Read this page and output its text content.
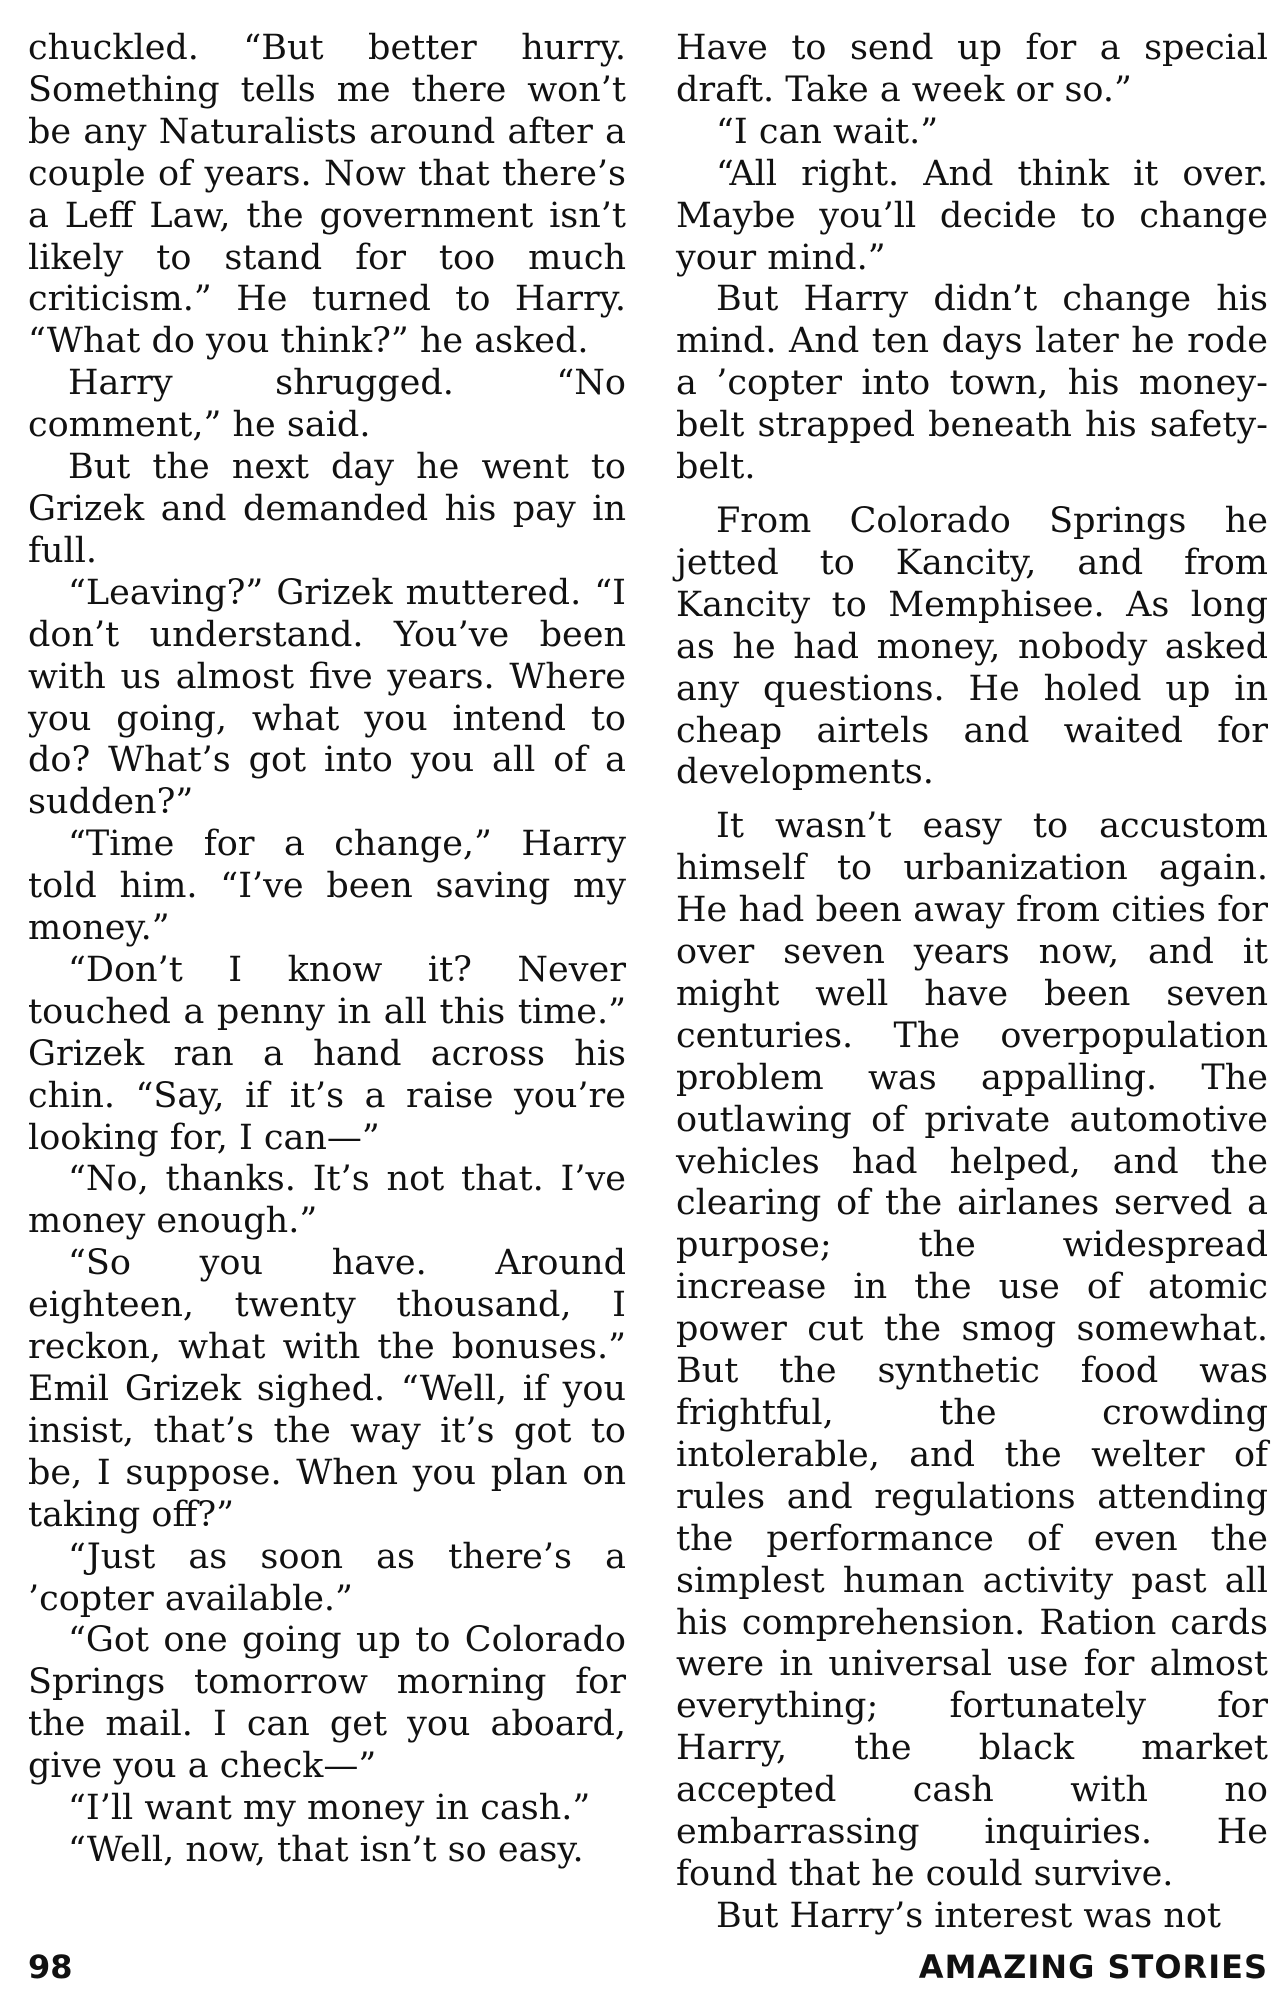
chuckled. “But better hurry. Something tells me there won’t be any Naturalists around after a couple of years. Now that there’s a Leff Law, the government isn’t likely to stand for too much criticism.” He turned to Harry. “What do you think?” he asked.

Harry shrugged. “No comment,” he said.

But the next day he went to Grizek and demanded his pay in full.

“Leaving?” Grizek muttered. “I don’t understand. You’ve been with us almost five years. Where you going, what you intend to do? What’s got into you all of a sudden?”

“Time for a change,” Harry told him. “I’ve been saving my money.”

“Don’t I know it? Never touched a penny in all this time.” Grizek ran a hand across his chin. “Say, if it’s a raise you’re looking for, I can—”

“No, thanks. It’s not that. I’ve money enough.”

“So you have. Around eighteen, twenty thousand, I reckon, what with the bonuses.” Emil Grizek sighed. “Well, if you insist, that’s the way it’s got to be, I suppose. When you plan on taking off?”

“Just as soon as there’s a ’copter available.”

“Got one going up to Colorado Springs tomorrow morning for the mail. I can get you aboard, give you a check—”

“I’ll want my money in cash.”

“Well, now, that isn’t so easy.

Have to send up for a special draft. Take a week or so.”

“I can wait.”

“All right. And think it over. Maybe you’ll decide to change your mind.”

But Harry didn’t change his mind. And ten days later he rode a ’copter into town, his money-belt strapped beneath his safety-belt.

From Colorado Springs he jetted to Kancity, and from Kancity to Memphisee. As long as he had money, nobody asked any questions. He holed up in cheap airtels and waited for developments.

It wasn’t easy to accustom himself to urbanization again. He had been away from cities for over seven years now, and it might well have been seven centuries. The overpopulation problem was appalling. The outlawing of private automotive vehicles had helped, and the clearing of the airlanes served a purpose; the widespread increase in the use of atomic power cut the smog somewhat. But the synthetic food was frightful, the crowding intolerable, and the welter of rules and regulations attending the performance of even the simplest human activity past all his comprehension. Ration cards were in universal use for almost everything; fortunately for Harry, the black market accepted cash with no embarrassing inquiries. He found that he could survive.

But Harry’s interest was not

98	AMAZING STORIES
